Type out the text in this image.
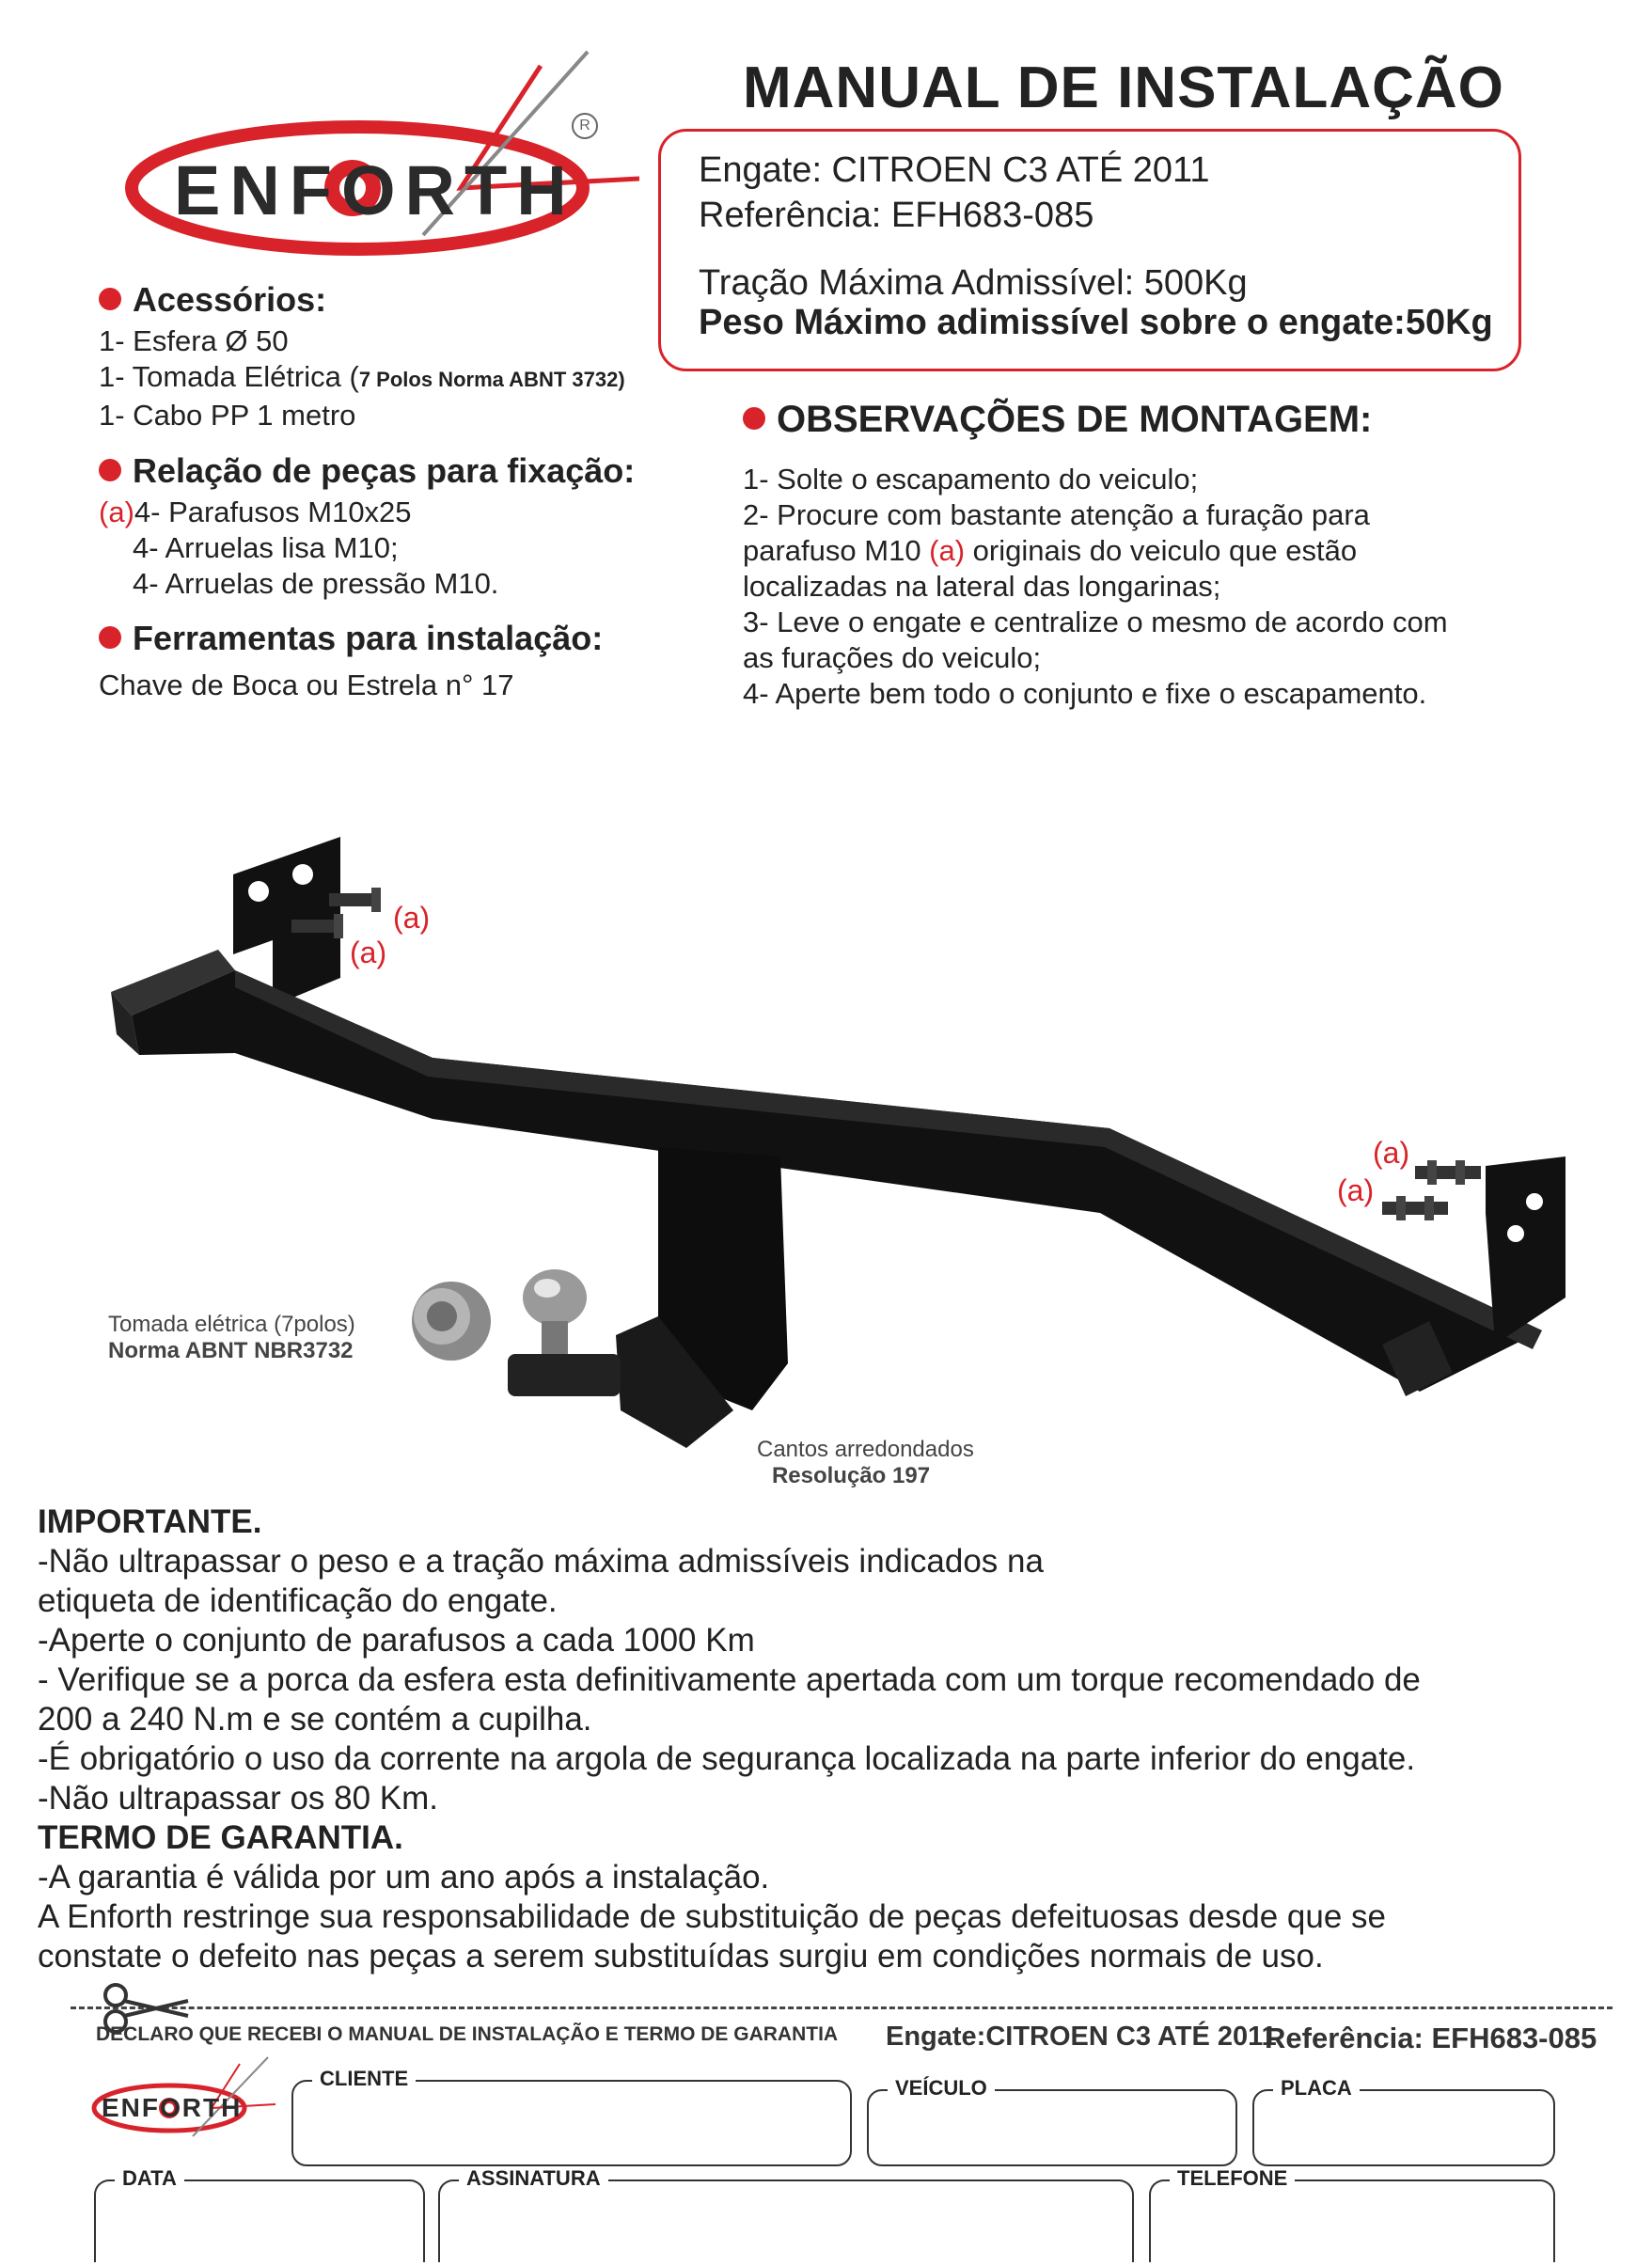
ENFORTH
R
MANUAL DE INSTALAÇÃO
Engate: CITROEN C3 ATÉ 2011
Referência: EFH683-085
Tração Máxima Admissível: 500Kg
Peso Máximo adimissível sobre o engate:50Kg
Acessórios:
1- Esfera Ø 50
1- Tomada Elétrica (7 Polos Norma ABNT 3732)
1- Cabo PP 1 metro
Relação de peças para fixação:
(a)4- Parafusos M10x25
4- Arruelas lisa M10;
4- Arruelas de pressão M10.
Ferramentas para instalação:
Chave de Boca ou Estrela n° 17
OBSERVAÇÕES DE MONTAGEM:
1- Solte o escapamento do veiculo;
2- Procure com bastante atenção a furação para
parafuso M10 (a) originais do veiculo que estão
localizadas na lateral das longarinas;
3- Leve o engate e centralize o mesmo de acordo com
as furações do veiculo;
4- Aperte bem todo o conjunto e fixe o escapamento.
(a)
(a)
(a)
(a)
Tomada elétrica (7polos)
Norma ABNT NBR3732
Cantos arredondados
Resolução 197
IMPORTANTE.
-Não ultrapassar o peso e a tração máxima admissíveis indicados na
etiqueta de identificação do engate.
-Aperte o conjunto de parafusos a cada 1000 Km
- Verifique se a porca da esfera esta definitivamente apertada com um torque recomendado de
200 a 240 N.m e se contém a cupilha.
-É obrigatório o uso da corrente na argola de segurança localizada na parte inferior do engate.
-Não ultrapassar os 80 Km.
TERMO DE GARANTIA.
-A garantia é válida por um ano após a instalação.
A Enforth restringe sua responsabilidade de substituição de peças defeituosas desde que se
constate o defeito nas peças a serem substituídas surgiu em condições normais de uso.
DECLARO QUE RECEBI O MANUAL DE INSTALAÇÃO E TERMO DE GARANTIA Engate:CITROEN C3 ATÉ 2011
Referência: EFH683-085
ENFORTH
CLIENTE	VEÍCULO	PLACA
DATA	ASSINATURA	TELEFONE
